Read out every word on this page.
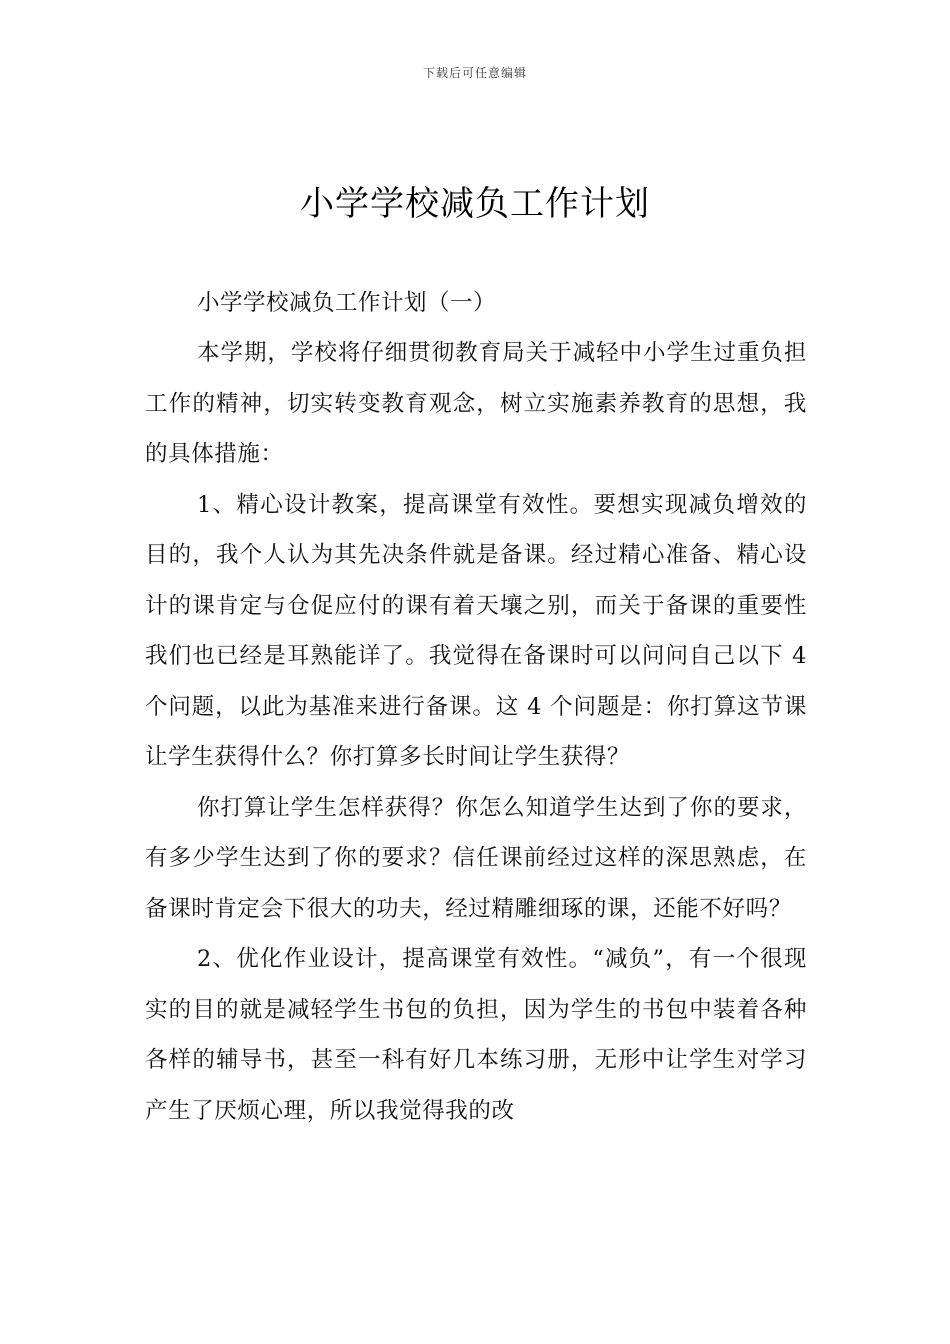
下载后可任意编辑
小学学校减负工作计划

小学学校减负工作计划（一）

本学期，学校将仔细贯彻教育局关于减轻中小学生过重负担工作的精神，切实转变教育观念，树立实施素养教育的思想，我的具体措施：

1、精心设计教案，提高课堂有效性。要想实现减负增效的目的，我个人认为其先决条件就是备课。经过精心准备、精心设计的课肯定与仓促应付的课有着天壤之别，而关于备课的重要性我们也已经是耳熟能详了。我觉得在备课时可以问问自己以下 4 个问题，以此为基准来进行备课。这 4 个问题是：你打算这节课让学生获得什么？你打算多长时间让学生获得？

你打算让学生怎样获得？你怎么知道学生达到了你的要求，有多少学生达到了你的要求？信任课前经过这样的深思熟虑，在备课时肯定会下很大的功夫，经过精雕细琢的课，还能不好吗？

2、优化作业设计，提高课堂有效性。“减负”，有一个很现实的目的就是减轻学生书包的负担，因为学生的书包中装着各种各样的辅导书，甚至一科有好几本练习册，无形中让学生对学习产生了厌烦心理，所以我觉得我的改
